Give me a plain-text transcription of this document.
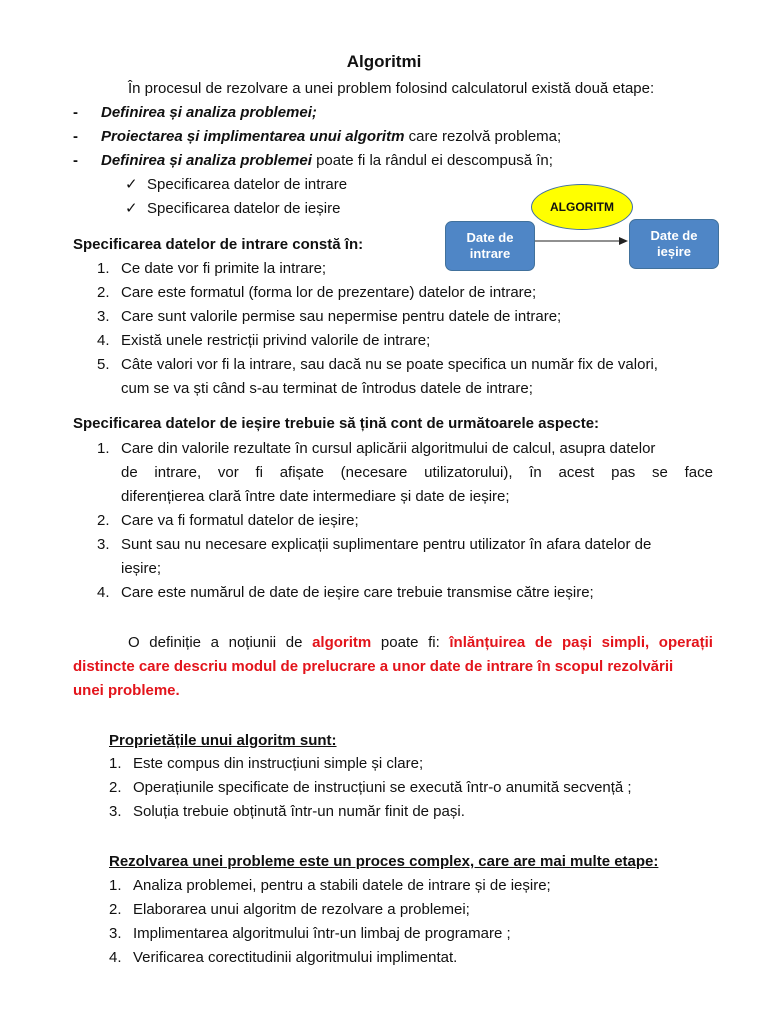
Algoritmi
În procesul de rezolvare a unei problem folosind calculatorul există două etape:
- Definirea și analiza problemei;
- Proiectarea și implimentarea unui algoritm care rezolvă problema;
- Definirea și analiza problemei poate fi la rândul ei descompusă în;
✓ Specificarea datelor de intrare
✓ Specificarea datelor de ieșire	ALGORITM
Date de
intrare
Date de
ieșire
Specificarea datelor de intrare constă în:
1. Ce date vor fi primite la intrare;
2. Care este formatul (forma lor de prezentare) datelor de intrare;
3. Care sunt valorile permise sau nepermise pentru datele de intrare;
4. Există unele restricții privind valorile de intrare;
5. Câte valori vor fi la intrare, sau dacă nu se poate specifica un număr fix de valori,
cum se va ști când s-au terminat de întrodus datele de intrare;
Specificarea datelor de ieșire trebuie să țină cont de următoarele aspecte:
1. Care din valorile rezultate în cursul aplicării algoritmului de calcul, asupra datelor
de intrare, vor fi afișate (necesare utilizatorului), în acest pas se face
diferențierea clară între date intermediare și date de ieșire;
2. Care va fi formatul datelor de ieșire;
3. Sunt sau nu necesare explicații suplimentare pentru utilizator în afara datelor de
ieșire;
4. Care este numărul de date de ieșire care trebuie transmise către ieșire;
O definiție a noțiunii de algoritm poate fi: înlănțuirea de pași simpli, operații
distincte care descriu modul de prelucrare a unor date de intrare în scopul rezolvării
unei probleme.
Proprietățile unui algoritm sunt:
1. Este compus din instrucțiuni simple și clare;
2. Operațiunile specificate de instrucțiuni se execută într-o anumită secvență ;
3. Soluția trebuie obținută într-un număr finit de pași.
Rezolvarea unei probleme este un proces complex, care are mai multe etape:
1. Analiza problemei, pentru a stabili datele de intrare și de ieșire;
2. Elaborarea unui algoritm de rezolvare a problemei;
3. Implimentarea algoritmului într-un limbaj de programare ;
4. Verificarea corectitudinii algoritmului implimentat.
